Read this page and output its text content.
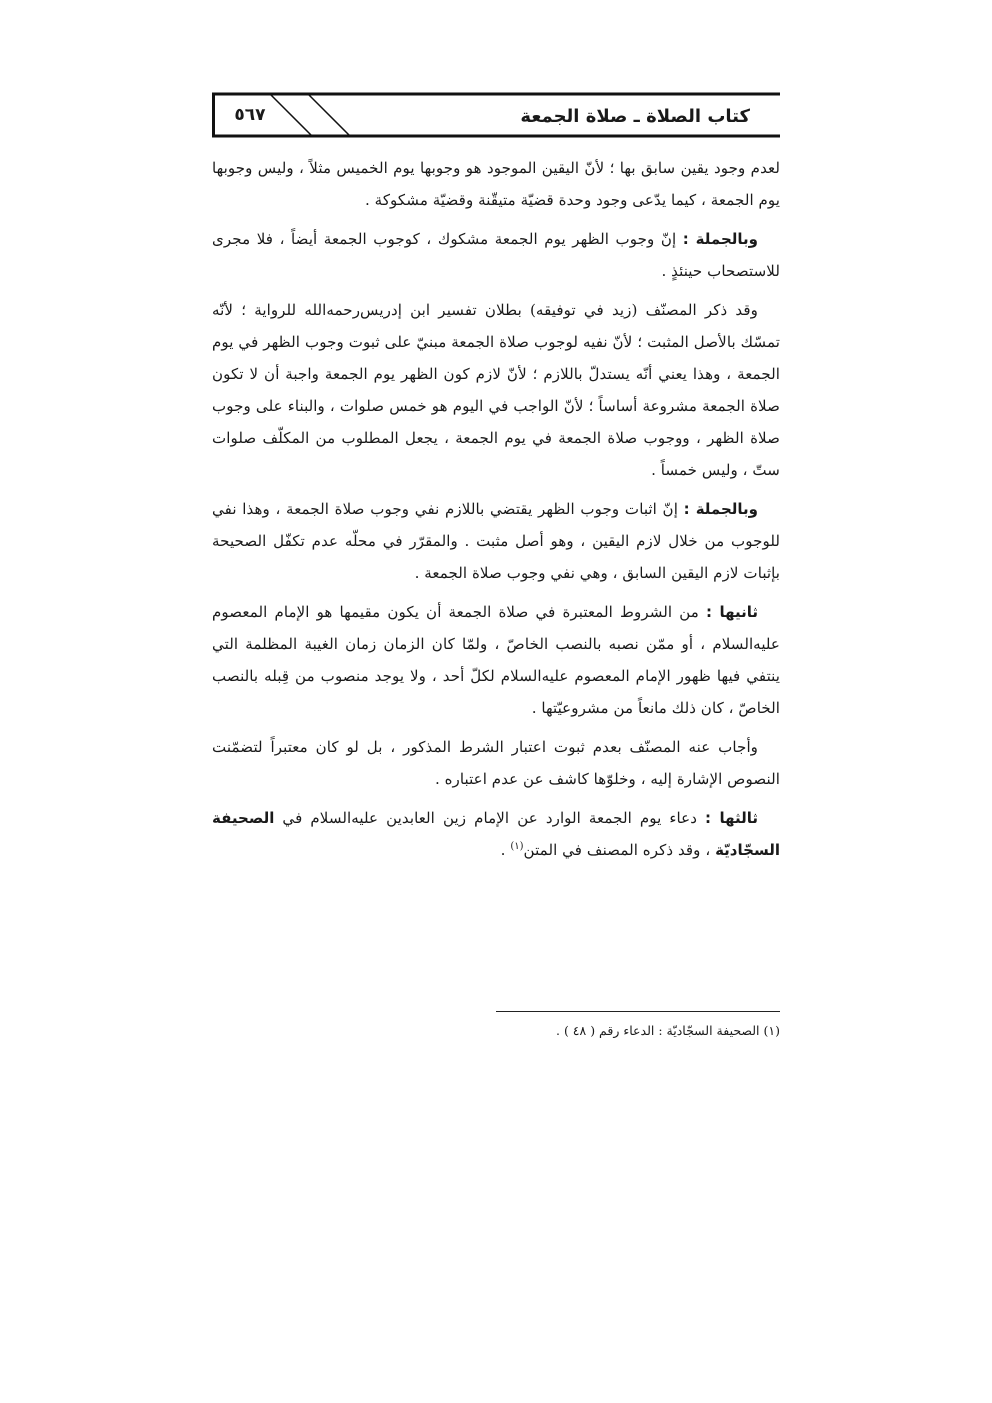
٥٦٧	كتاب الصلاة ـ صلاة الجمعة

لعدم وجود يقين سابق بها ؛ لأنّ اليقين الموجود هو وجوبها يوم الخميس مثلاً ، وليس وجوبها يوم الجمعة ، كيما يدّعى وجود وحدة قضيّة متيقّنة وقضيّة مشكوكة .

وبالجملة : إنّ وجوب الظهر يوم الجمعة مشكوك ، كوجوب الجمعة أيضاً ، فلا مجرى للاستصحاب حينئذٍ .

وقد ذكر المصنّف (زيد في توفيقه) بطلان تفسير ابن إدريس‌رحمه‌الله للرواية ؛ لأنّه تمسّك بالأصل المثبت ؛ لأنّ نفيه لوجوب صلاة الجمعة مبنيّ على ثبوت وجوب الظهر في يوم الجمعة ، وهذا يعني أنّه يستدلّ باللازم ؛ لأنّ لازم كون الظهر يوم الجمعة واجبة أن لا تكون صلاة الجمعة مشروعة أساساً ؛ لأنّ الواجب في اليوم هو خمس صلوات ، والبناء على وجوب صلاة الظهر ، ووجوب صلاة الجمعة في يوم الجمعة ، يجعل المطلوب من المكلّف صلوات ستّ ، وليس خمساً .

وبالجملة : إنّ اثبات وجوب الظهر يقتضي باللازم نفي وجوب صلاة الجمعة ، وهذا نفي للوجوب من خلال لازم اليقين ، وهو أصل مثبت . والمقرّر في محلّه عدم تكفّل الصحيحة بإثبات لازم اليقين السابق ، وهي نفي وجوب صلاة الجمعة .

ثانيها : من الشروط المعتبرة في صلاة الجمعة أن يكون مقيمها هو الإمام المعصوم عليه‌السلام ، أو ممّن نصبه بالنصب الخاصّ ، ولمّا كان الزمان زمان الغيبة المظلمة التي ينتفي فيها ظهور الإمام المعصوم عليه‌السلام لكلّ أحد ، ولا يوجد منصوب من قِبله بالنصب الخاصّ ، كان ذلك مانعاً من مشروعيّتها .

وأجاب عنه المصنّف بعدم ثبوت اعتبار الشرط المذكور ، بل لو كان معتبراً لتضمّنت النصوص الإشارة إليه ، وخلوّها كاشف عن عدم اعتباره .

ثالثها : دعاء يوم الجمعة الوارد عن الإمام زين العابدين عليه‌السلام في الصحيفة السجّاديّة ، وقد ذكره المصنف في المتن$^{(١)}$ .

(١) الصحيفة السجّاديّة : الدعاء رقم ( ٤٨ ) .
